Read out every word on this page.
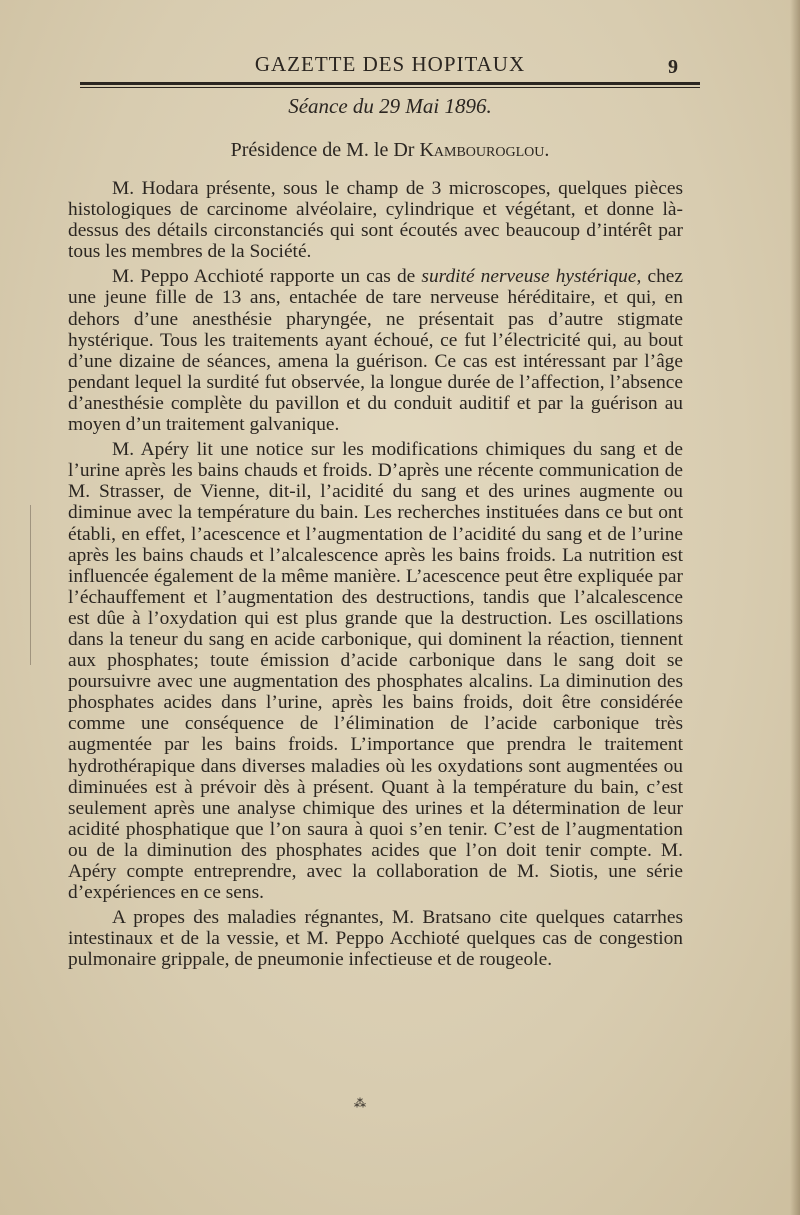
GAZETTE DES HOPITAUX	9
Séance du 29 Mai 1896.
Présidence de M. le Dr Kambouroglou.

M. Hodara présente, sous le champ de 3 microscopes, quelques pièces histologiques de carcinome alvéolaire, cylindrique et végétant, et donne là-dessus des détails circonstanciés qui sont écoutés avec beaucoup d’intérêt par tous les membres de la Société.

M. Peppo Acchioté rapporte un cas de surdité nerveuse hystérique, chez une jeune fille de 13 ans, entachée de tare nerveuse héréditaire, et qui, en dehors d’une anesthésie pharyngée, ne présentait pas d’autre stigmate hystérique. Tous les traitements ayant échoué, ce fut l’électricité qui, au bout d’une dizaine de séances, amena la guérison. Ce cas est intéressant par l’âge pendant lequel la surdité fut observée, la longue durée de l’affection, l’absence d’anesthésie complète du pavillon et du conduit auditif et par la guérison au moyen d’un traitement galvanique.

M. Apéry lit une notice sur les modifications chimiques du sang et de l’urine après les bains chauds et froids. D’après une récente communication de M. Strasser, de Vienne, dit-il, l’acidité du sang et des urines augmente ou diminue avec la température du bain. Les recherches instituées dans ce but ont établi, en effet, l’acescence et l’augmentation de l’acidité du sang et de l’urine après les bains chauds et l’alcalescence après les bains froids. La nutrition est influencée également de la même manière. L’acescence peut être expliquée par l’échauffement et l’augmentation des destructions, tandis que l’alcalescence est dûe à l’oxydation qui est plus grande que la destruction. Les oscillations dans la teneur du sang en acide carbonique, qui dominent la réaction, tiennent aux phosphates; toute émission d’acide carbonique dans le sang doit se poursuivre avec une augmentation des phosphates alcalins. La diminution des phosphates acides dans l’urine, après les bains froids, doit être considérée comme une conséquence de l’élimination de l’acide carbonique très augmentée par les bains froids. L’importance que prendra le traitement hydrothérapique dans diverses maladies où les oxydations sont augmentées ou diminuées est à prévoir dès à présent. Quant à la température du bain, c’est seulement après une analyse chimique des urines et la détermination de leur acidité phosphatique que l’on saura à quoi s’en tenir. C’est de l’augmentation ou de la diminution des phosphates acides que l’on doit tenir compte. M. Apéry compte entreprendre, avec la collaboration de M. Siotis, une série d’expériences en ce sens.

A propes des maladies régnantes, M. Bratsano cite quelques catarrhes intestinaux et de la vessie, et M. Peppo Acchioté quelques cas de congestion pulmonaire grippale, de pneumonie infectieuse et de rougeole.

⁂
